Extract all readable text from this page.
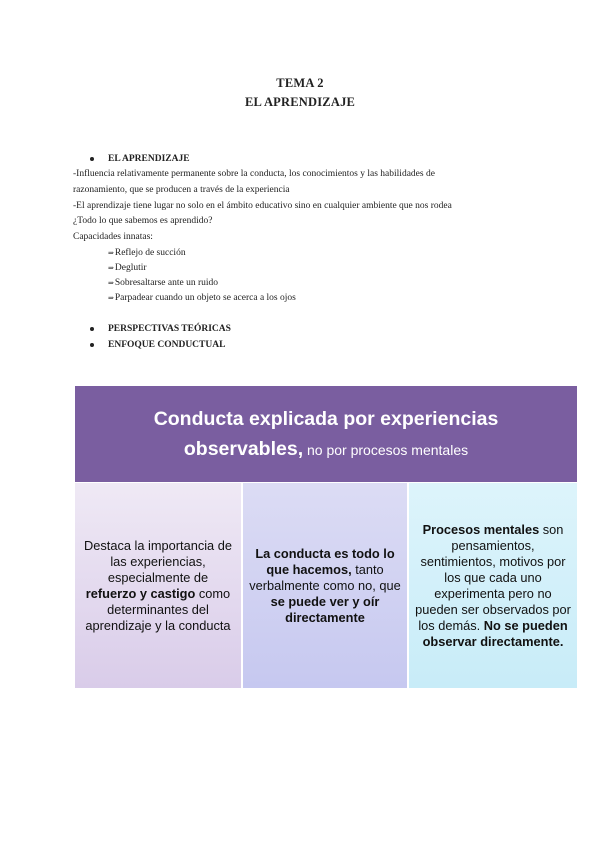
TEMA 2
EL APRENDIZAJE
EL APRENDIZAJE
-Influencia relativamente permanente sobre la conducta, los conocimientos y las habilidades de
razonamiento, que se producen a través de la experiencia
-El aprendizaje tiene lugar no solo en el ámbito educativo sino en cualquier ambiente que nos rodea
¿Todo lo que sabemos es aprendido?
Capacidades innatas:
⇒ Reflejo de succión
⇒ Deglutir
⇒ Sobresaltarse ante un ruido
⇒ Parpadear cuando un objeto se acerca a los ojos
PERSPECTIVAS TEÓRICAS
ENFOQUE CONDUCTUAL
Conducta explicada por experiencias
observables, no por procesos mentales
Destaca la importancia de las experiencias, especialmente de refuerzo y castigo como determinantes del aprendizaje y la conducta
La conducta es todo lo que hacemos, tanto verbalmente como no, que se puede ver y oír directamente
Procesos mentales son pensamientos, sentimientos, motivos por los que cada uno experimenta pero no pueden ser observados por los demás. No se pueden observar directamente.
